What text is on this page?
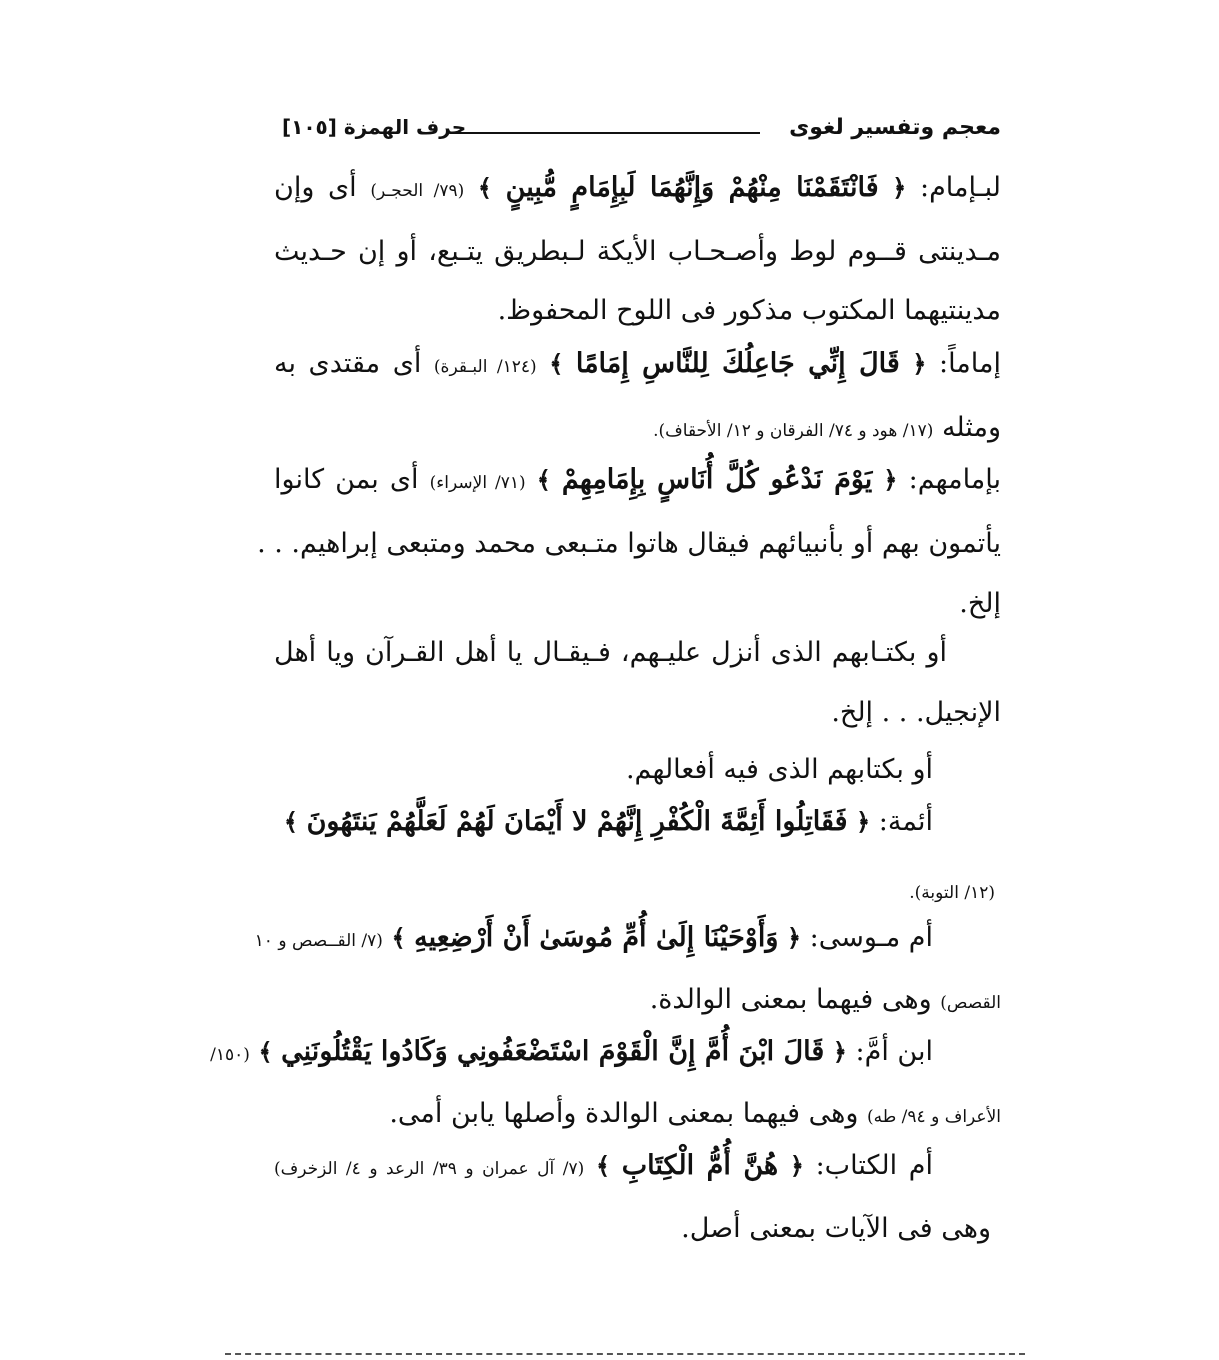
معجم وتفسير لغوى
حرف الهمزة [١٠٥]
لبـإمام: ﴿ فَانْتَقَمْنَا مِنْهُمْ وَإِنَّهُمَا لَبِإِمَامٍ مُّبِينٍ ﴾ (٧٩/ الحجـر) أى وإن
مـدينتى قــوم لوط وأصـحـاب الأيكة لـبطريق يتـبع، أو إن حـديث
مدينتيهما المكتوب مذكور فى اللوح المحفوظ.
إماماً: ﴿ قَالَ إِنِّي جَاعِلُكَ لِلنَّاسِ إِمَامًا ﴾ (١٢٤/ البـقرة) أى مقتدى به
ومثله (١٧/ هود و ٧٤/ الفرقان و ١٢/ الأحقاف).
بإمامهم: ﴿ يَوْمَ نَدْعُو كُلَّ أُنَاسٍ بِإِمَامِهِمْ ﴾ (٧١/ الإسراء) أى بمن كانوا
يأتمون بهم أو بأنبيائهم فيقال هاتوا متـبعى محمد ومتبعى إبراهيم. . .
إلخ.
أو بكتـابهم الذى أنزل عليـهم، فـيقـال يا أهل القـرآن ويا أهل
الإنجيل. . . إلخ.
أو بكتابهم الذى فيه أفعالهم.
أئمة: ﴿ فَقَاتِلُوا أَئِمَّةَ الْكُفْرِ إِنَّهُمْ لا أَيْمَانَ لَهُمْ لَعَلَّهُمْ يَنتَهُونَ ﴾
(١٢/ التوبة).
أم مـوسى: ﴿ وَأَوْحَيْنَا إِلَىٰ أُمِّ مُوسَىٰ أَنْ أَرْضِعِيهِ ﴾ (٧/ القــصص و ١٠
القصص) وهى فيهما بمعنى الوالدة.
ابن أمَّ: ﴿ قَالَ ابْنَ أُمَّ إِنَّ الْقَوْمَ اسْتَضْعَفُونِي وَكَادُوا يَقْتُلُونَنِي ﴾ (١٥٠/
الأعراف و ٩٤/ طه) وهى فيهما بمعنى الوالدة وأصلها يابن أمى.
أم الكتاب: ﴿ هُنَّ أُمُّ الْكِتَابِ ﴾ (٧/ آل عمران و ٣٩/ الرعد و ٤/ الزخرف)
وهى فى الآيات بمعنى أصل.
